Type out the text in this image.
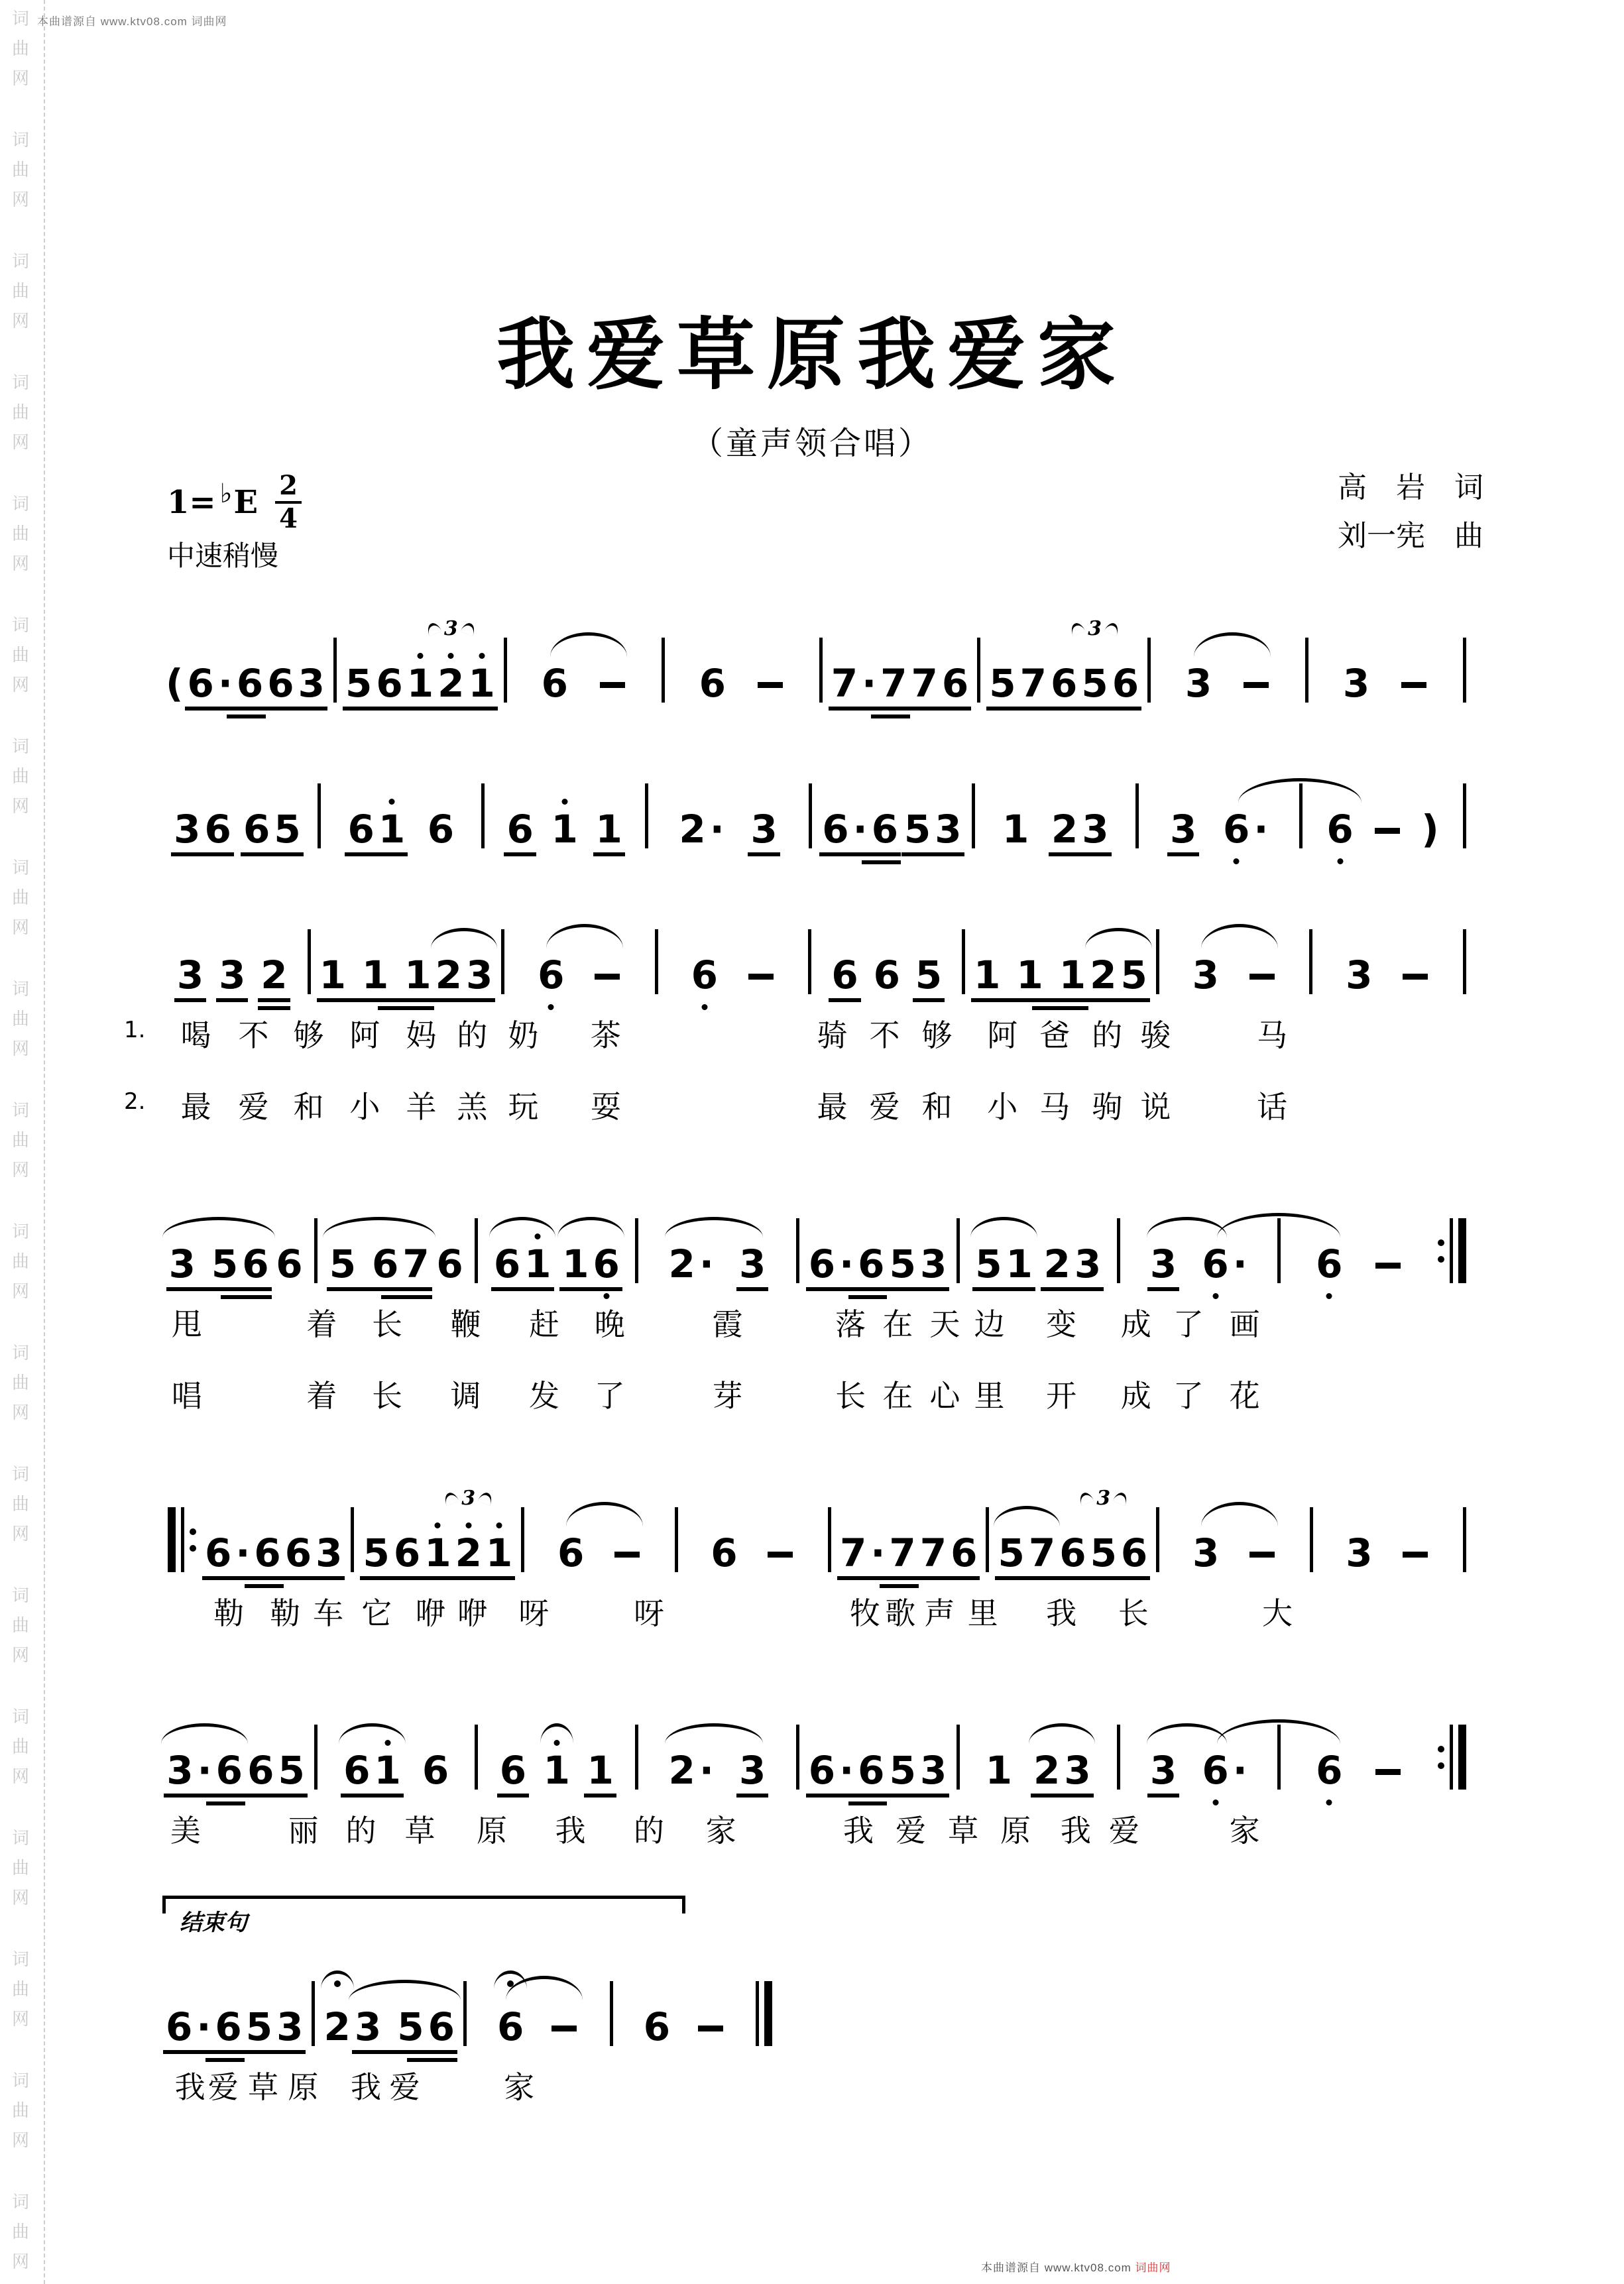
词
曲
网
词
曲
网
词
曲
网
词
曲
网
词
曲
网
词
曲
网
词
曲
网
词
曲
网
词
曲
网
词
曲
网
词
曲
网
词
曲
网
词
曲
网
词
曲
网
词
曲
网
词
曲
网
词
曲
网
词
曲
网
词
曲
网
本曲谱源自 www.ktv08.com 词曲网
我爱草原我爱家
（童声领合唱）
1= ♭ E $\frac{2}{4}$
中速稍慢
高　岩　词
刘一宪　曲
( 6 · 6 6 3 5 6 1 2 1
3
6	6	7 · 7 7 6 5 7 6 5 6
3
3	3
3 6 6 5 6 1 6 6 1 1 2 · 3 6 · 6 5 3 1 2 3 3 6 · 6 )
3 3 2 1 1 1 2 3 6	6	6 6 5 1 1 1 2 5 3	3
1. 喝 不 够 阿 妈 的 奶 茶	骑 不 够 阿 爸 的 骏	马
2. 最 爱 和 小 羊 羔 玩 耍	最 爱 和 小 马 驹 说	话
3 5 6 6 5 6 7 6 6 1 1 6 2 · 3 6 · 6 5 3 5 1 2 3 3 6 · 6
甩	着 长 鞭 赶 晚	霞	落 在 天 边 变 成 了 画
唱	着 长 调 发 了	芽	长 在 心 里 开 成 了 花
6 · 6 6 3 5 6 1 2 1
3
6	6	7 · 7 7 6 5 7 6 5 6
3
3	3
勒 勒 车 它 咿 咿 呀	呀	牧 歌 声 里 我 长	大
3 · 6 6 5 6 1 6 6 1 1 2 · 3 6 · 6 5 3 1 2 3 3 6 · 6
美	丽 的 草 原 我 的 家	我 爱 草 原 我 爱	家
结束句
6 · 6 5 3 2 3 5 6 6	6
我 爱 草 原 我 爱	家
本曲谱源自 www.ktv08.com 词曲网
